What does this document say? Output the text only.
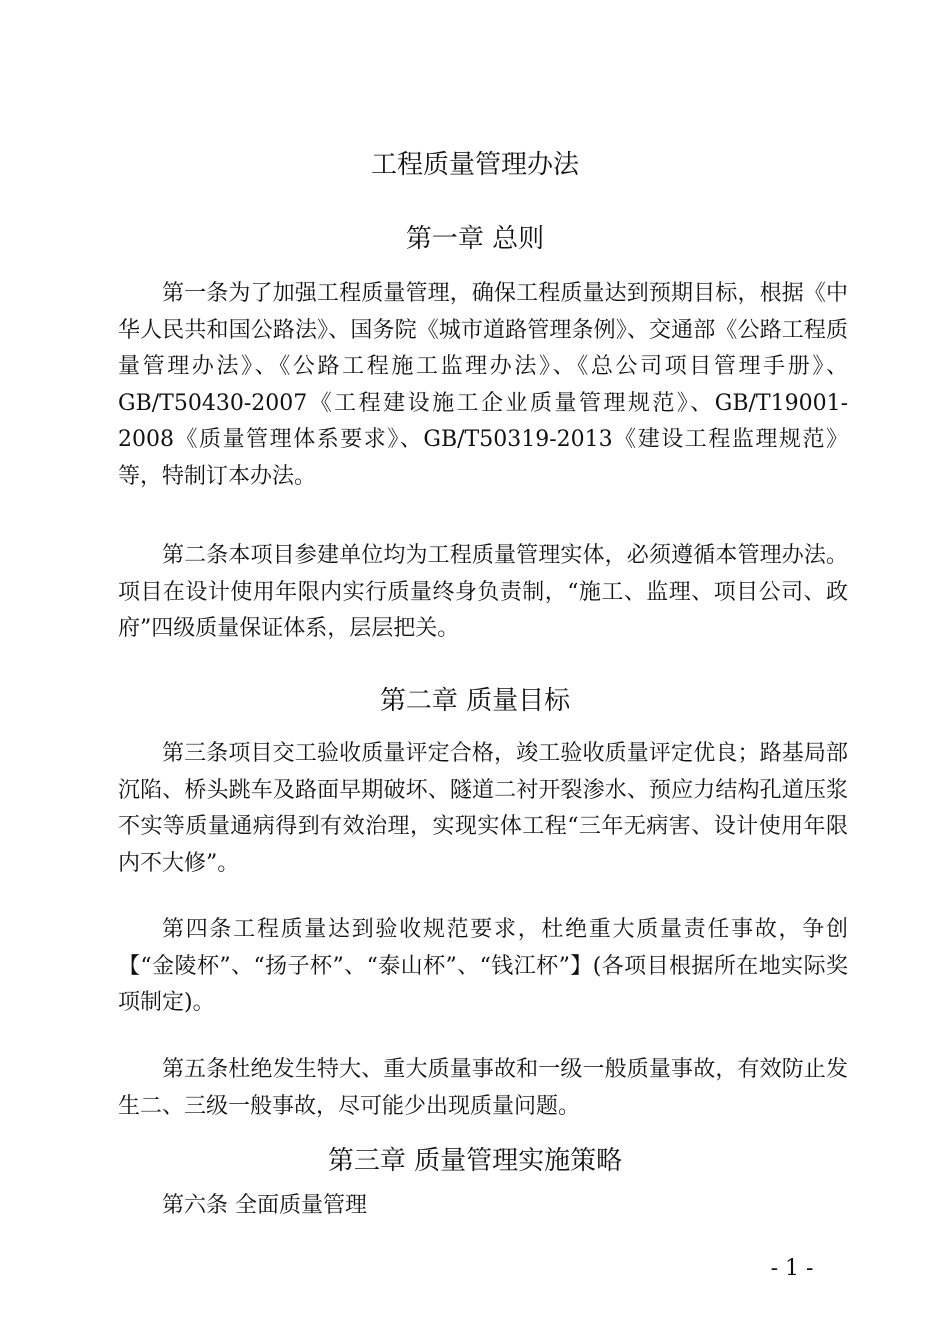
工程质量管理办法
第一章 总则

第一条为了加强工程质量管理，确保工程质量达到预期目标，根据《中华人民共和国公路法》、国务院《城市道路管理条例》、交通部《公路工程质量管理办法》、《公路工程施工监理办法》、《总公司项目管理手册》、GB/T50430-2007《工程建设施工企业质量管理规范》、GB/T19001-2008《质量管理体系要求》、GB/T50319-2013《建设工程监理规范》等，特制订本办法。

第二条本项目参建单位均为工程质量管理实体，必须遵循本管理办法。项目在设计使用年限内实行质量终身负责制，“施工、监理、项目公司、政府”四级质量保证体系，层层把关。

第二章 质量目标

第三条项目交工验收质量评定合格，竣工验收质量评定优良；路基局部沉陷、桥头跳车及路面早期破坏、隧道二衬开裂渗水、预应力结构孔道压浆不实等质量通病得到有效治理，实现实体工程“三年无病害、设计使用年限内不大修”。

第四条工程质量达到验收规范要求，杜绝重大质量责任事故，争创【“金陵杯”、“扬子杯”、“泰山杯”、“钱江杯”】(各项目根据所在地实际奖项制定)。

第五条杜绝发生特大、重大质量事故和一级一般质量事故，有效防止发生二、三级一般事故，尽可能少出现质量问题。

第三章 质量管理实施策略

第六条 全面质量管理

- 1 -
